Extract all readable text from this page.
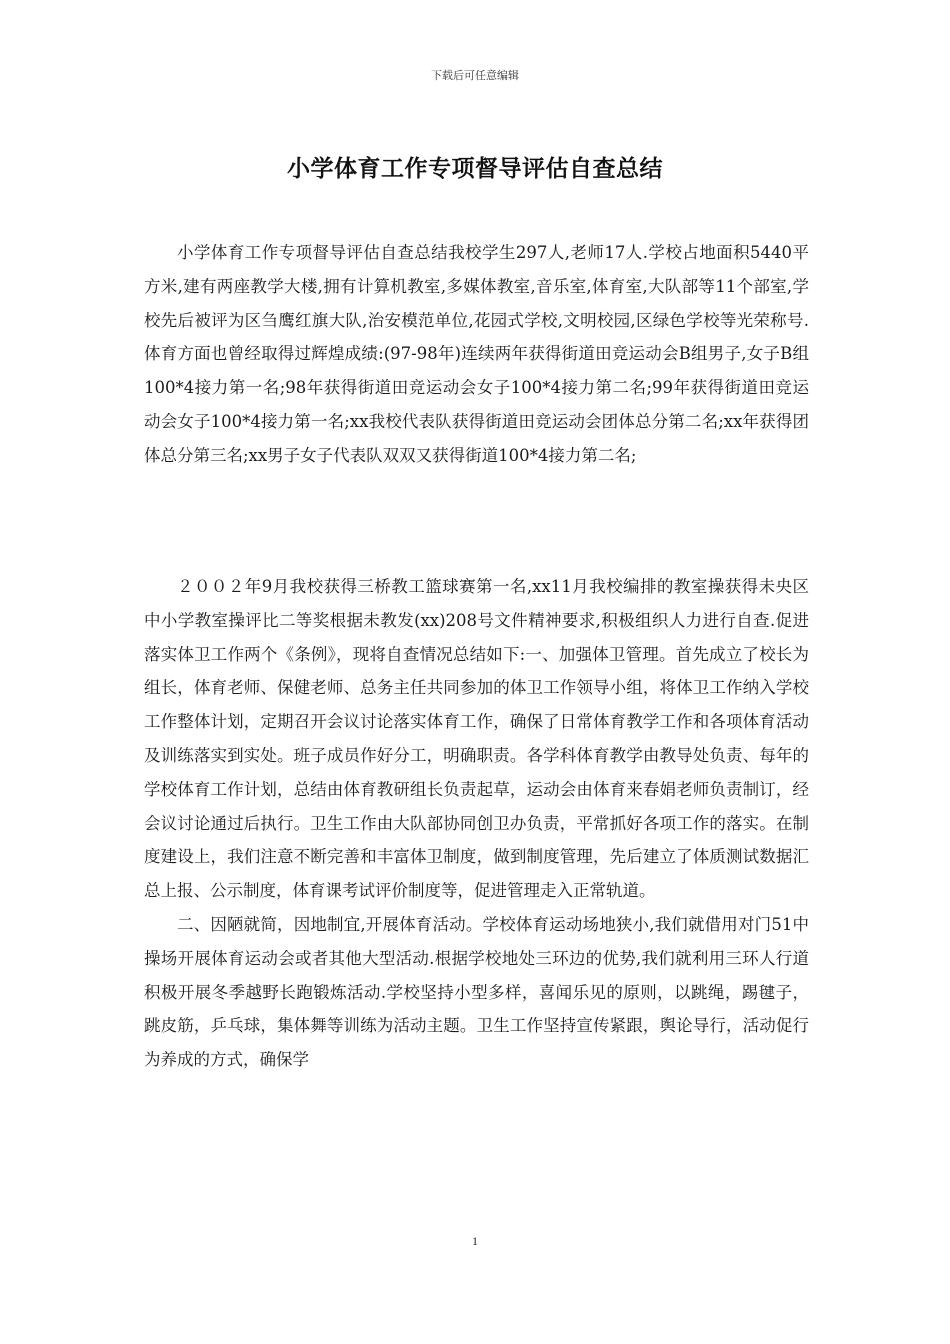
下载后可任意编辑
小学体育工作专项督导评估自查总结

小学体育工作专项督导评估自查总结我校学生297人,老师17人.学校占地面积5440平方米,建有两座教学大楼,拥有计算机教室,多媒体教室,音乐室,体育室,大队部等11个部室,学校先后被评为区刍鹰红旗大队,治安模范单位,花园式学校,文明校园,区绿色学校等光荣称号.体育方面也曾经取得过辉煌成绩:(97-98年)连续两年获得街道田竞运动会B组男子,女子B组100*4接力第一名;98年获得街道田竞运动会女子100*4接力第二名;99年获得街道田竞运动会女子100*4接力第一名;xx我校代表队获得街道田竞运动会团体总分第二名;xx年获得团体总分第三名;xx男子女子代表队双双又获得街道100*4接力第二名;

２００２年9月我校获得三桥教工篮球赛第一名,xx11月我校编排的教室操获得未央区中小学教室操评比二等奖根据未教发(xx)208号文件精神要求,积极组织人力进行自查.促进落实体卫工作两个《条例》，现将自查情况总结如下:一、加强体卫管理。首先成立了校长为组长，体育老师、保健老师、总务主任共同参加的体卫工作领导小组，将体卫工作纳入学校工作整体计划，定期召开会议讨论落实体育工作，确保了日常体育教学工作和各项体育活动及训练落实到实处。班子成员作好分工，明确职责。各学科体育教学由教导处负责、每年的学校体育工作计划，总结由体育教研组长负责起草，运动会由体育来春娟老师负责制订，经会议讨论通过后执行。卫生工作由大队部协同创卫办负责，平常抓好各项工作的落实。在制度建设上，我们注意不断完善和丰富体卫制度，做到制度管理，先后建立了体质测试数据汇总上报、公示制度，体育课考试评价制度等，促进管理走入正常轨道。

二、因陋就简，因地制宜,开展体育活动。学校体育运动场地狭小,我们就借用对门51中操场开展体育运动会或者其他大型活动.根据学校地处三环边的优势,我们就利用三环人行道积极开展冬季越野长跑锻炼活动.学校坚持小型多样，喜闻乐见的原则，以跳绳，踢毽子，跳皮筋，乒乓球，集体舞等训练为活动主题。卫生工作坚持宣传紧跟，舆论导行，活动促行为养成的方式，确保学

1
